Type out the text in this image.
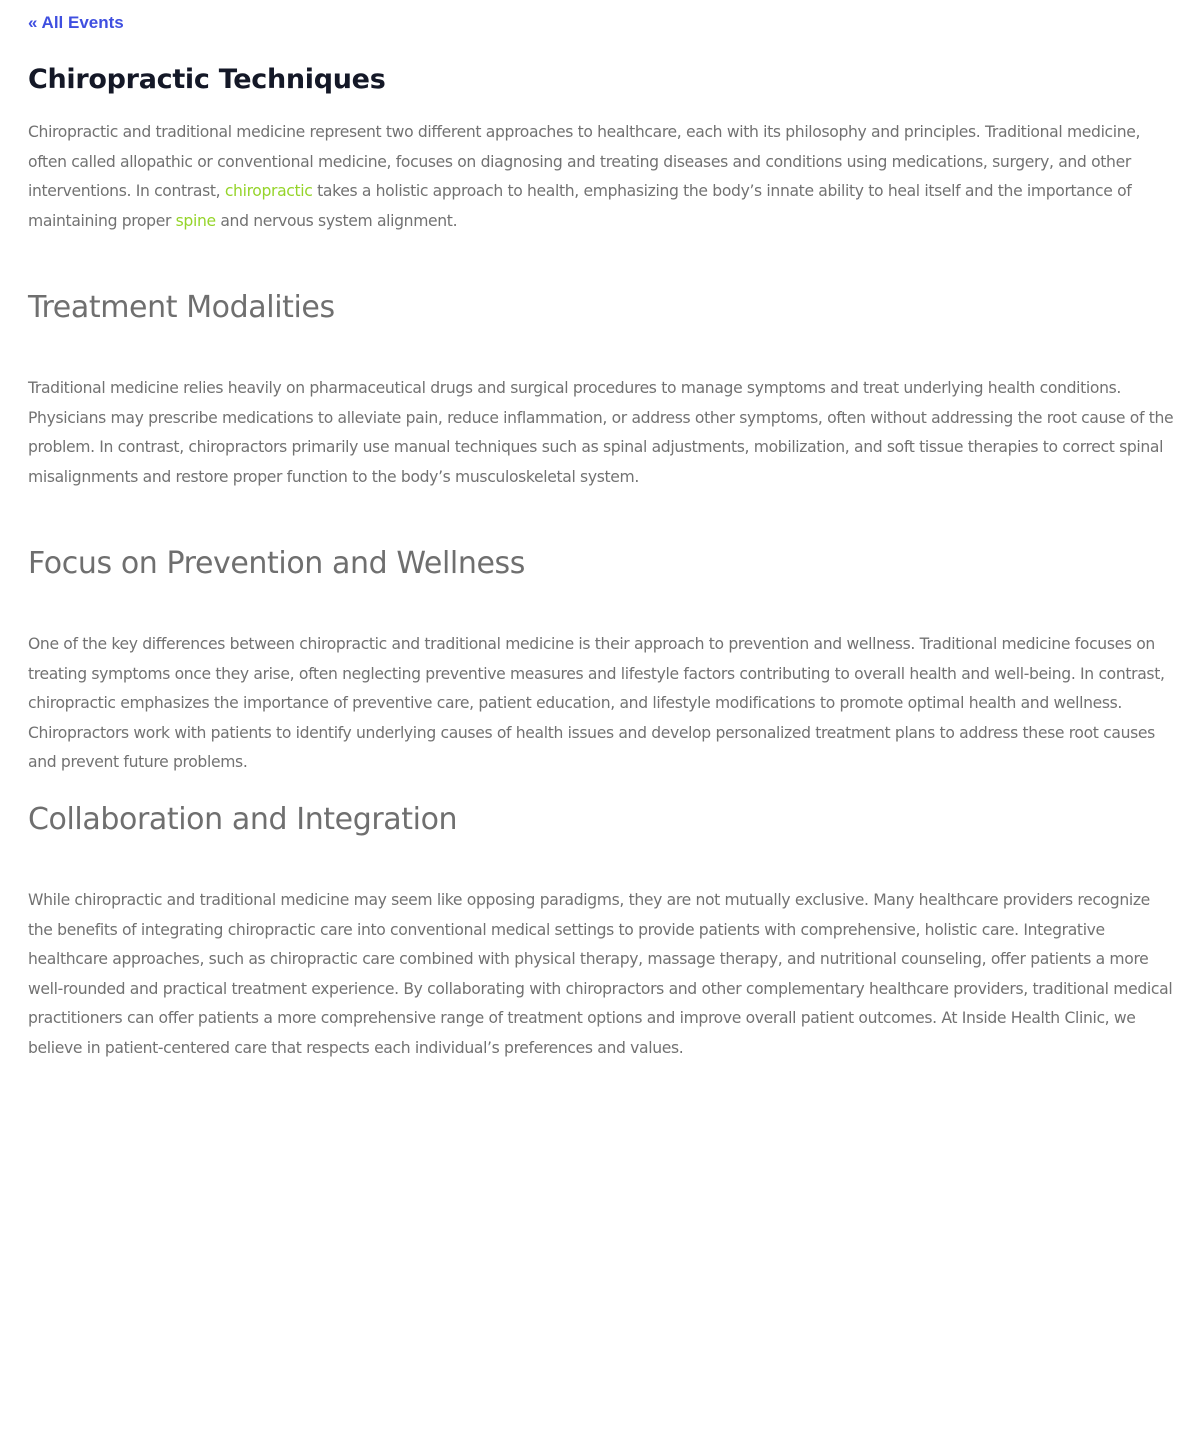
« All Events
Chiropractic Techniques

Chiropractic and traditional medicine represent two different approaches to healthcare, each with its philosophy and principles. Traditional medicine, often called allopathic or conventional medicine, focuses on diagnosing and treating diseases and conditions using medications, surgery, and other interventions. In contrast, chiropractic takes a holistic approach to health, emphasizing the body’s innate ability to heal itself and the importance of maintaining proper spine and nervous system alignment.

Treatment Modalities

Traditional medicine relies heavily on pharmaceutical drugs and surgical procedures to manage symptoms and treat underlying health conditions. Physicians may prescribe medications to alleviate pain, reduce inflammation, or address other symptoms, often without addressing the root cause of the problem. In contrast, chiropractors primarily use manual techniques such as spinal adjustments, mobilization, and soft tissue therapies to correct spinal misalignments and restore proper function to the body’s musculoskeletal system.

Focus on Prevention and Wellness

One of the key differences between chiropractic and traditional medicine is their approach to prevention and wellness. Traditional medicine focuses on treating symptoms once they arise, often neglecting preventive measures and lifestyle factors contributing to overall health and well-being. In contrast, chiropractic emphasizes the importance of preventive care, patient education, and lifestyle modifications to promote optimal health and wellness. Chiropractors work with patients to identify underlying causes of health issues and develop personalized treatment plans to address these root causes and prevent future problems.

Collaboration and Integration

While chiropractic and traditional medicine may seem like opposing paradigms, they are not mutually exclusive. Many healthcare providers recognize the benefits of integrating chiropractic care into conventional medical settings to provide patients with comprehensive, holistic care. Integrative healthcare approaches, such as chiropractic care combined with physical therapy, massage therapy, and nutritional counseling, offer patients a more well-rounded and practical treatment experience. By collaborating with chiropractors and other complementary healthcare providers, traditional medical practitioners can offer patients a more comprehensive range of treatment options and improve overall patient outcomes. At Inside Health Clinic, we believe in patient-centered care that respects each individual’s preferences and values.
